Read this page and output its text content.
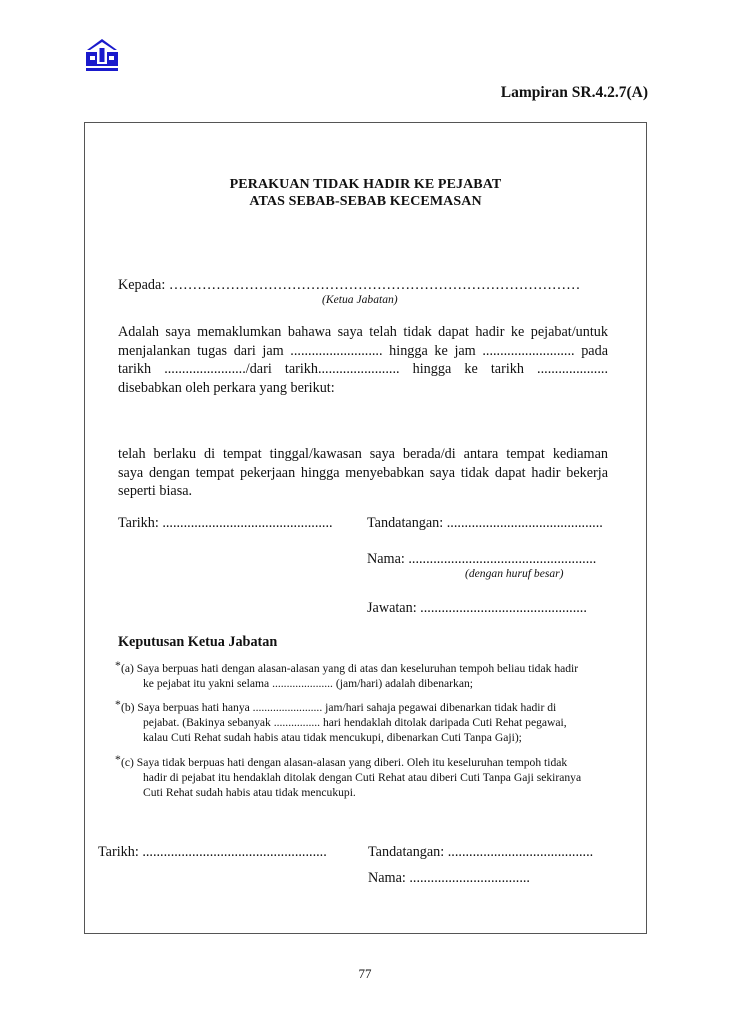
Lampiran SR.4.2.7(A)
PERAKUAN TIDAK HADIR KE PEJABAT
ATAS SEBAB-SEBAB KECEMASAN
Kepada: ……………………………………………………………………………
(Ketua Jabatan)
Adalah saya memaklumkan bahawa saya telah tidak dapat hadir ke pejabat/untuk
menjalankan tugas dari jam .......................... hingga ke jam .......................... pada
tarikh ......................./dari tarikh....................... hingga ke tarikh ....................
disebabkan oleh perkara yang berikut:
telah berlaku di tempat tinggal/kawasan saya berada/di antara tempat kediaman
saya dengan tempat pekerjaan hingga menyebabkan saya tidak dapat hadir bekerja
seperti biasa.
Tarikh: ................................................ Tandatangan: ............................................
Nama: .....................................................
(dengan huruf besar)
Jawatan: ...............................................
Keputusan Ketua Jabatan
* (a) Saya berpuas hati dengan alasan-alasan yang di atas dan keseluruhan tempoh beliau tidak hadir
ke pejabat itu yakni selama ..................... (jam/hari) adalah dibenarkan;
* (b) Saya berpuas hati hanya ........................ jam/hari sahaja pegawai dibenarkan tidak hadir di
pejabat. (Bakinya sebanyak ................ hari hendaklah ditolak daripada Cuti Rehat pegawai,
kalau Cuti Rehat sudah habis atau tidak mencukupi, dibenarkan Cuti Tanpa Gaji);
* (c) Saya tidak berpuas hati dengan alasan-alasan yang diberi. Oleh itu keseluruhan tempoh tidak
hadir di pejabat itu hendaklah ditolak dengan Cuti Rehat atau diberi Cuti Tanpa Gaji sekiranya
Cuti Rehat sudah habis atau tidak mencukupi.
Tarikh: ....................................................	Tandatangan: .........................................
Nama: ..................................
77
